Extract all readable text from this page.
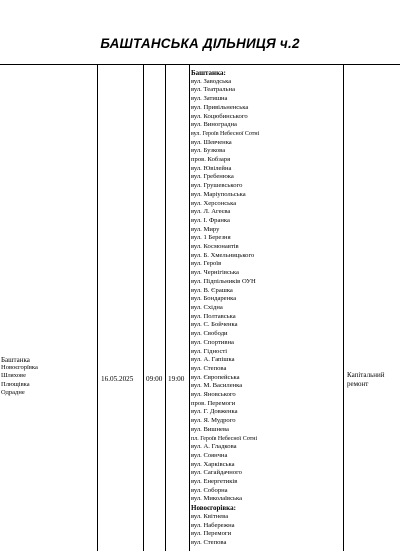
БАШТАНСЬКА ДІЛЬНИЦЯ ч.2
Баштанка
Новоєгорївка
Шляхове
Плющівка
Одрадне
16.05.2025	09:00 19:00
Баштанка:
вул. Заводська
вул. Театральна
вул. Затишна
вул. Привільненська
вул. Коцюбинського
вул. Виноградна
вул. Героїв Небесної Сотні
вул. Шевченка
вул. Бузкова
пров. Кобзаря
вул. Ювілейна
вул. Гребенюка
вул. Грушевського
вул. Маріупольська
вул. Херсонська
вул. Л. Агеєва
вул. І. Франка
вул. Миру
вул. 1 Березня
вул. Космонавтів
вул. Б. Хмельницького
вул. Героїв
вул. Чернігівська
вул. Підпільників ОУН
вул. В. Єрашка
вул. Бондаренка
вул. Східна
вул. Полтавська
вул. С. Бойченка
вул. Свободи
вул. Спортивна
вул. Гідності
вул. А. Гапішка
вул. Степова
вул. Європейська
вул. М. Василенка
вул. Яновського
пров. Перемоги
вул. Г. Довженка
вул. Я. Мудрого
вул. Вишнева
пл. Героїв Небесної Сотні
вул. А. Гладкова
вул. Соянчна
вул. Харківська
вул. Сагайдачного
вул. Енергетиків
вул. Соборна
вул. Миколаївська
Новоєгорівка:
вул. Квітнева
вул. Набережна
вул. Перемоги
вул. Степова
Капітальний ремонт
